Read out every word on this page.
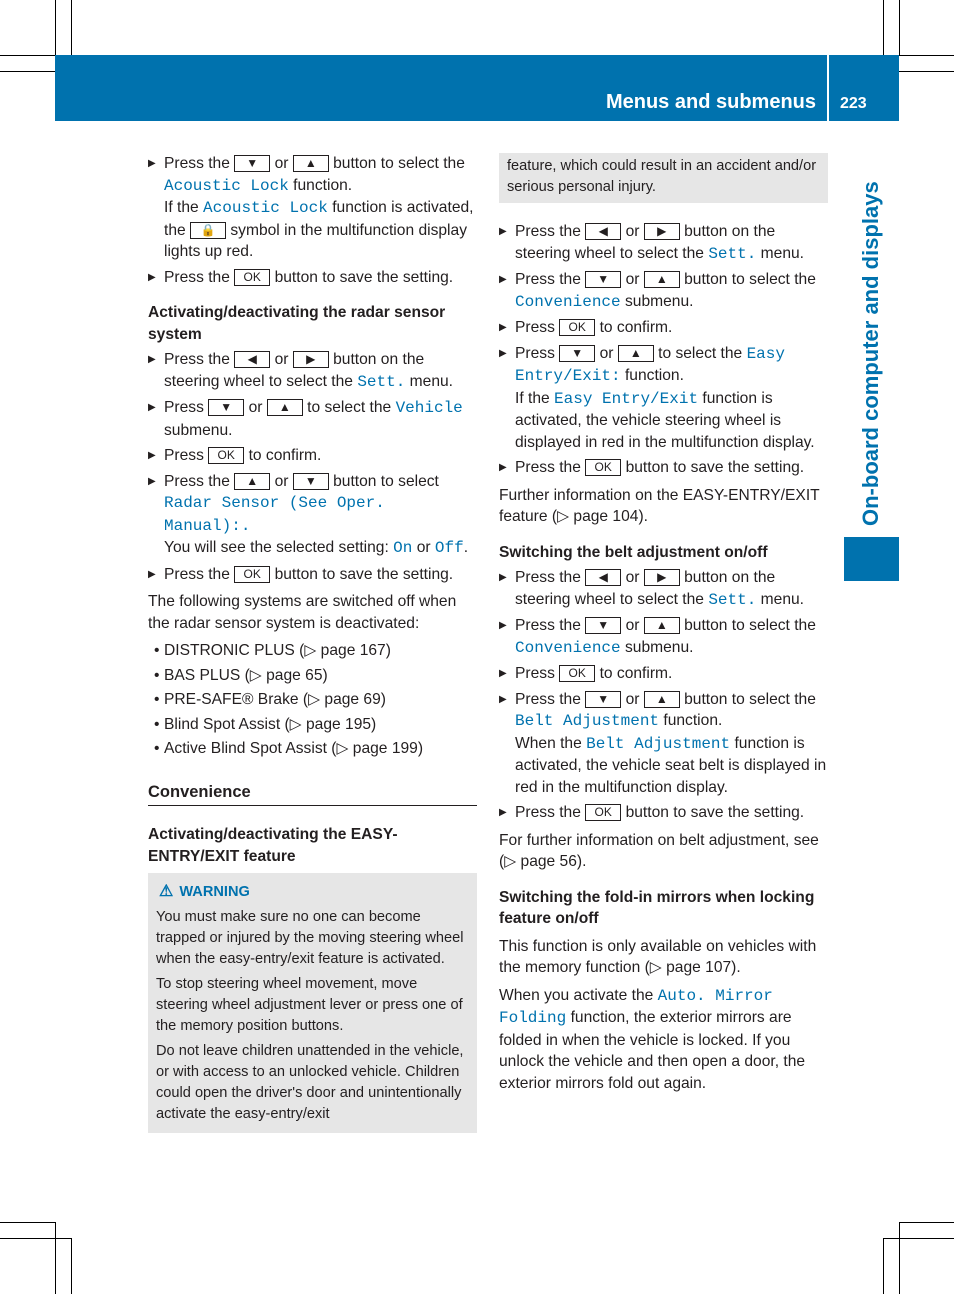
Menus and submenus 223
On-board computer and displays
▶ Press the ▼ or ▲ button to select the Acoustic Lock function.
If the Acoustic Lock function is activated, the 🔒 symbol in the multifunction display lights up red.
▶ Press the OK button to save the setting.
Activating/deactivating the radar sensor system
▶ Press the ◀ or ▶ button on the steering wheel to select the Sett. menu.
▶ Press ▼ or ▲ to select the Vehicle submenu.
▶ Press OK to confirm.
▶ Press the ▲ or ▼ button to select Radar Sensor (See Oper. Manual):.
You will see the selected setting: On or Off.
▶ Press the OK button to save the setting.
The following systems are switched off when the radar sensor system is deactivated:
• DISTRONIC PLUS (▷ page 167)
• BAS PLUS (▷ page 65)
• PRE-SAFE® Brake (▷ page 69)
• Blind Spot Assist (▷ page 195)
• Active Blind Spot Assist (▷ page 199)
Convenience
Activating/deactivating the EASY-ENTRY/EXIT feature
⚠ WARNING

You must make sure no one can become trapped or injured by the moving steering wheel when the easy-entry/exit feature is activated.

To stop steering wheel movement, move steering wheel adjustment lever or press one of the memory position buttons.

Do not leave children unattended in the vehicle, or with access to an unlocked vehicle. Children could open the driver's door and unintentionally activate the easy-entry/exit

feature, which could result in an accident and/or serious personal injury.
▶ Press the ◀ or ▶ button on the steering wheel to select the Sett. menu.
▶ Press the ▼ or ▲ button to select the Convenience submenu.
▶ Press OK to confirm.
▶ Press ▼ or ▲ to select the Easy Entry/Exit: function.
If the Easy Entry/Exit function is activated, the vehicle steering wheel is displayed in red in the multifunction display.
▶ Press the OK button to save the setting.
Further information on the EASY-ENTRY/EXIT feature (▷ page 104).
Switching the belt adjustment on/off
▶ Press the ◀ or ▶ button on the steering wheel to select the Sett. menu.
▶ Press the ▼ or ▲ button to select the Convenience submenu.
▶ Press OK to confirm.
▶ Press the ▼ or ▲ button to select the Belt Adjustment function.
When the Belt Adjustment function is activated, the vehicle seat belt is displayed in red in the multifunction display.
▶ Press the OK button to save the setting.
For further information on belt adjustment, see (▷ page 56).
Switching the fold-in mirrors when locking feature on/off
This function is only available on vehicles with the memory function (▷ page 107).
When you activate the Auto. Mirror Folding function, the exterior mirrors are folded in when the vehicle is locked. If you unlock the vehicle and then open a door, the exterior mirrors fold out again.
